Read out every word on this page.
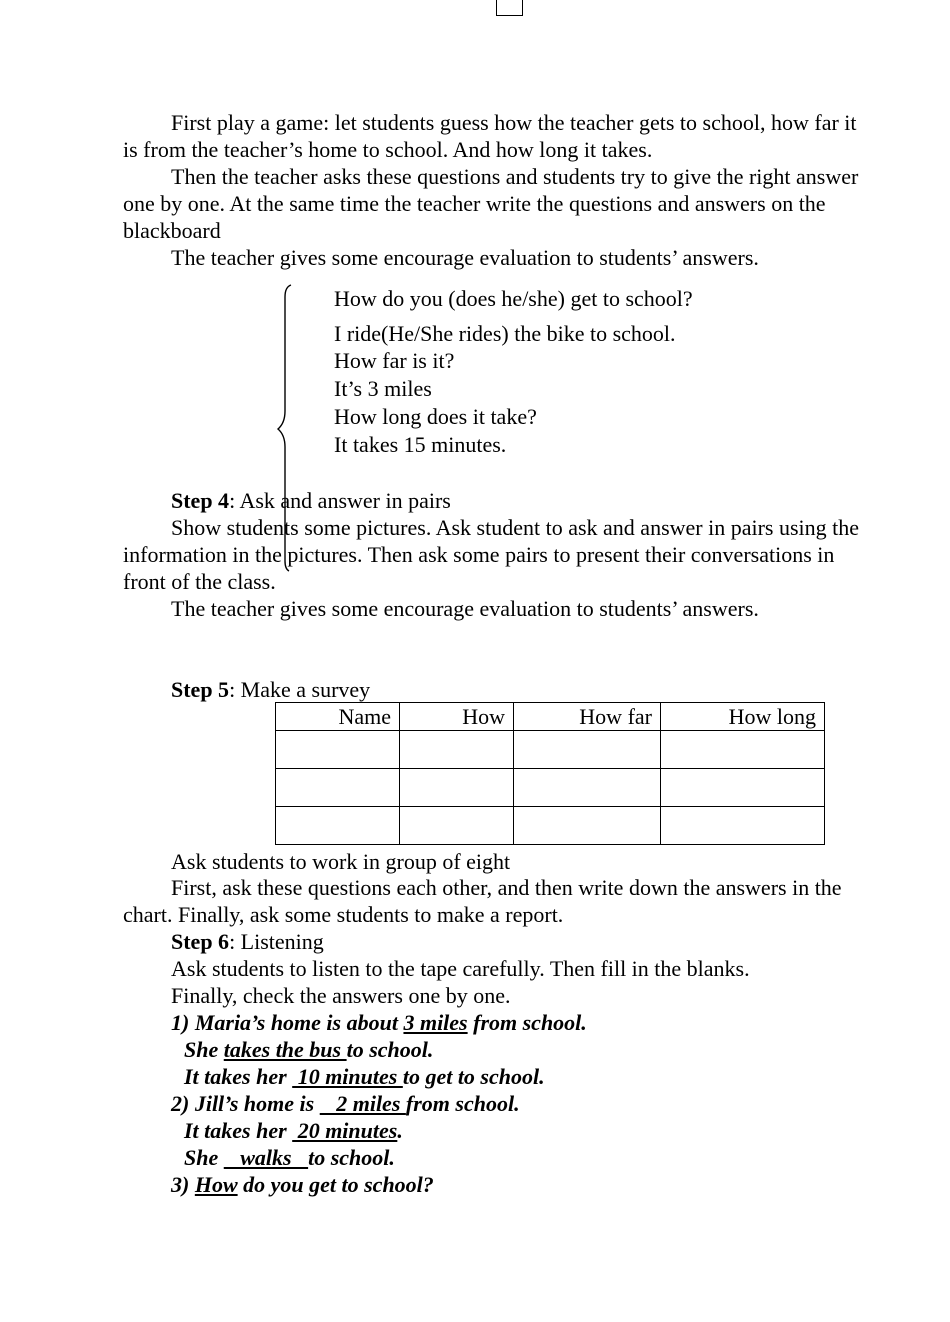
First play a game: let students guess how the teacher gets to school, how far it is from the teacher’s home to school. And how long it takes.

Then the teacher asks these questions and students try to give the right answer one by one. At the same time the teacher write the questions and answers on the blackboard

The teacher gives some encourage evaluation to students’ answers.

How do you (does he/she) get to school?
I ride(He/She rides) the bike to school.
How far is it?
It’s 3 miles
How long does it take?
It takes 15 minutes.

Step 4: Ask and answer in pairs

Show students some pictures. Ask student to ask and answer in pairs using the information in the pictures. Then ask some pairs to present their conversations in front of the class.

The teacher gives some encourage evaluation to students’ answers.

Step 5: Make a survey

Name	How	How far	How long

Ask students to work in group of eight

First, ask these questions each other, and then write down the answers in the chart. Finally, ask some students to make a report.

Step 6: Listening

Ask students to listen to the tape carefully. Then fill in the blanks.

Finally, check the answers one by one.

1) Maria’s home is about 3 miles from school.

She takes the bus to school.

It takes her  10 minutes to get to school.

2) Jill’s home is    2 miles from school.

It takes her  20 minutes.

She    walks   to school.

3) How do you get to school?
